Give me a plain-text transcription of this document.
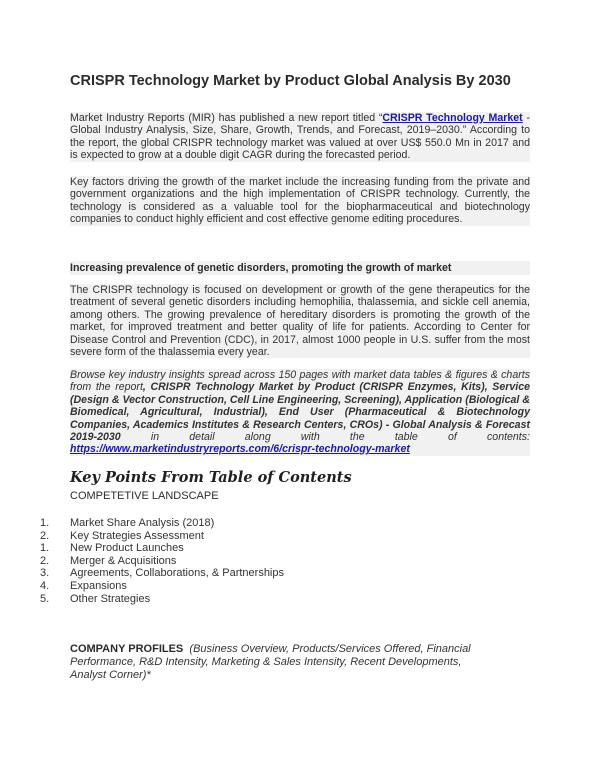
CRISPR Technology Market by Product Global Analysis By 2030
Market Industry Reports (MIR) has published a new report titled “CRISPR Technology Market - Global Industry Analysis, Size, Share, Growth, Trends, and Forecast, 2019–2030.” According to the report, the global CRISPR technology market was valued at over US$ 550.0 Mn in 2017 and is expected to grow at a double digit CAGR during the forecasted period.
Key factors driving the growth of the market include the increasing funding from the private and government organizations and the high implementation of CRISPR technology. Currently, the technology is considered as a valuable tool for the biopharmaceutical and biotechnology companies to conduct highly efficient and cost effective genome editing procedures.
Increasing prevalence of genetic disorders, promoting the growth of market
The CRISPR technology is focused on development or growth of the gene therapeutics for the treatment of several genetic disorders including hemophilia, thalassemia, and sickle cell anemia, among others. The growing prevalence of hereditary disorders is promoting the growth of the market, for improved treatment and better quality of life for patients. According to Center for Disease Control and Prevention (CDC), in 2017, almost 1000 people in U.S. suffer from the most severe form of the thalassemia every year.
Browse key industry insights spread across 150 pages with market data tables & figures & charts from the report, CRISPR Technology Market by Product (CRISPR Enzymes, Kits), Service (Design & Vector Construction, Cell Line Engineering, Screening), Application (Biological & Biomedical, Agricultural, Industrial), End User (Pharmaceutical & Biotechnology Companies, Academics Institutes & Research Centers, CROs) - Global Analysis & Forecast 2019-2030 in detail along with the table of contents: https://www.marketindustryreports.com/6/crispr-technology-market
Key Points From Table of Contents
COMPETETIVE LANDSCAPE
1.	Market Share Analysis (2018)
2.	Key Strategies Assessment
1.	New Product Launches
2.	Merger & Acquisitions
3.	Agreements, Collaborations, & Partnerships
4.	Expansions
5.	Other Strategies
COMPANY PROFILES (Business Overview, Products/Services Offered, Financial Performance, R&D Intensity, Marketing & Sales Intensity, Recent Developments, Analyst Corner)*
